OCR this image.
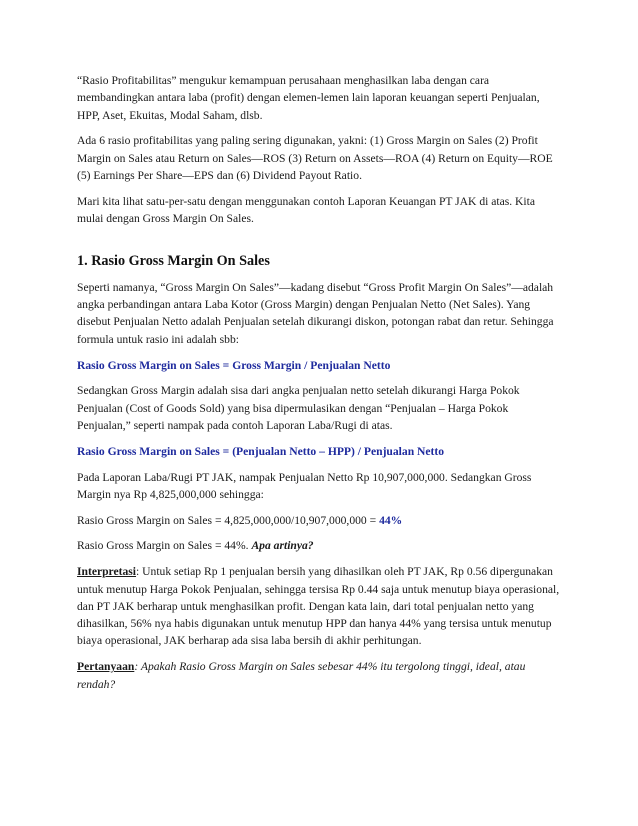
“Rasio Profitabilitas” mengukur kemampuan perusahaan menghasilkan laba dengan cara membandingkan antara laba (profit) dengan elemen-lemen lain laporan keuangan seperti Penjualan, HPP, Aset, Ekuitas, Modal Saham, dlsb.

Ada 6 rasio profitabilitas yang paling sering digunakan, yakni: (1) Gross Margin on Sales (2) Profit Margin on Sales atau Return on Sales—ROS (3) Return on Assets—ROA (4) Return on Equity—ROE (5) Earnings Per Share—EPS dan (6) Dividend Payout Ratio.

Mari kita lihat satu-per-satu dengan menggunakan contoh Laporan Keuangan PT JAK di atas. Kita mulai dengan Gross Margin On Sales.

1. Rasio Gross Margin On Sales

Seperti namanya, “Gross Margin On Sales”—kadang disebut “Gross Profit Margin On Sales”—adalah angka perbandingan antara Laba Kotor (Gross Margin) dengan Penjualan Netto (Net Sales). Yang disebut Penjualan Netto adalah Penjualan setelah dikurangi diskon, potongan rabat dan retur. Sehingga formula untuk rasio ini adalah sbb:

Rasio Gross Margin on Sales = Gross Margin / Penjualan Netto

Sedangkan Gross Margin adalah sisa dari angka penjualan netto setelah dikurangi Harga Pokok Penjualan (Cost of Goods Sold) yang bisa dipermulasikan dengan “Penjualan – Harga Pokok Penjualan,” seperti nampak pada contoh Laporan Laba/Rugi di atas.

Rasio Gross Margin on Sales = (Penjualan Netto – HPP) / Penjualan Netto

Pada Laporan Laba/Rugi PT JAK, nampak Penjualan Netto Rp 10,907,000,000. Sedangkan Gross Margin nya Rp 4,825,000,000 sehingga:

Rasio Gross Margin on Sales = 4,825,000,000/10,907,000,000 = 44%

Rasio Gross Margin on Sales = 44%. Apa artinya?

Interpretasi: Untuk setiap Rp 1 penjualan bersih yang dihasilkan oleh PT JAK, Rp 0.56 dipergunakan untuk menutup Harga Pokok Penjualan, sehingga tersisa Rp 0.44 saja untuk menutup biaya operasional, dan PT JAK berharap untuk menghasilkan profit. Dengan kata lain, dari total penjualan netto yang dihasilkan, 56% nya habis digunakan untuk menutup HPP dan hanya 44% yang tersisa untuk menutup biaya operasional, JAK berharap ada sisa laba bersih di akhir perhitungan.

Pertanyaan: Apakah Rasio Gross Margin on Sales sebesar 44% itu tergolong tinggi, ideal, atau rendah?
